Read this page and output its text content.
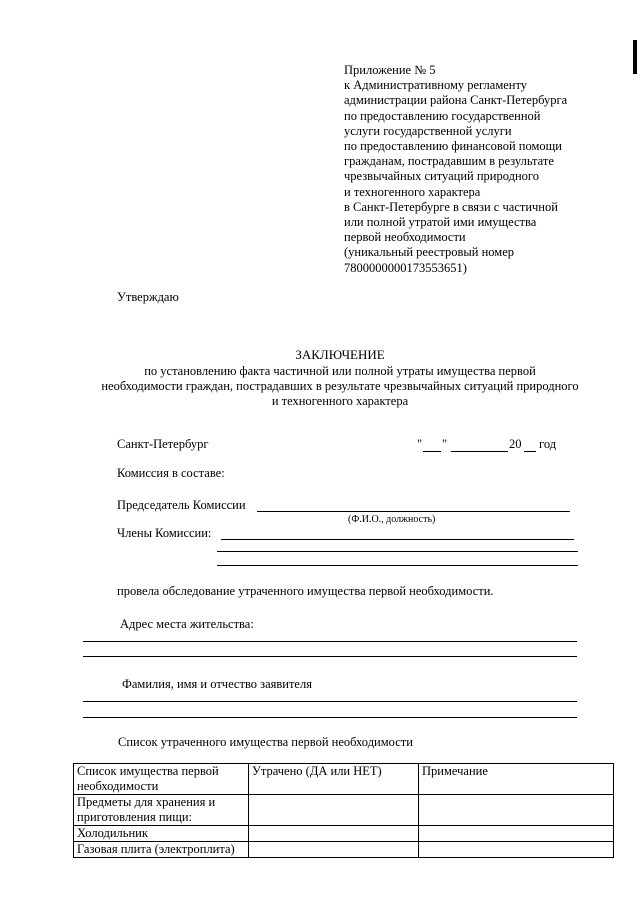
Приложение № 5
к Административному регламенту
администрации района Санкт-Петербурга
по предоставлению государственной
услуги государственной услуги
по предоставлению финансовой помощи
гражданам, пострадавшим в результате
чрезвычайных ситуаций природного
и техногенного характера
в Санкт-Петербурге в связи с частичной
или полной утратой ими имущества
первой необходимости
(уникальный реестровый номер
7800000000173553651)
Утверждаю
ЗАКЛЮЧЕНИЕ
по установлению факта частичной или полной утраты имущества первой
необходимости граждан, пострадавших в результате чрезвычайных ситуаций природного
и техногенного характера
Санкт-Петербург	" "	20 год
Комиссия в составе:
Председатель Комиссии
(Ф.И.О., должность)
Члены Комиссии:
провела обследование утраченного имущества первой необходимости.
Адрес места жительства:
Фамилия, имя и отчество заявителя
Список утраченного имущества первой необходимости
Список имущества первой необходимости	Утрачено (ДА или НЕТ)	Примечание
Предметы для хранения и приготовления пищи:		
Холодильник		
Газовая плита (электроплита)		
